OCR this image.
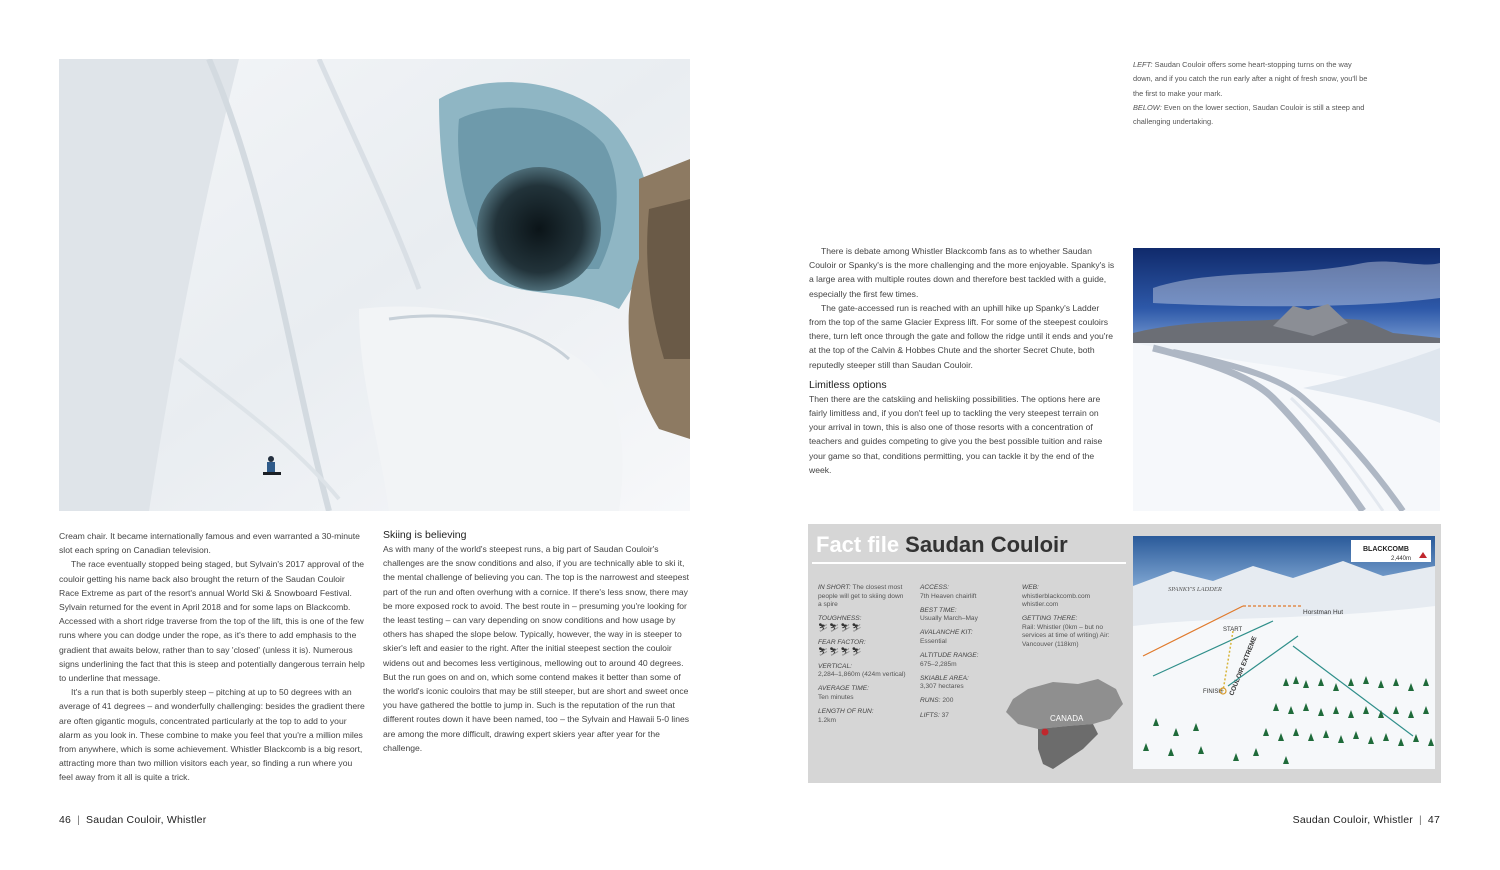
LEFT: Saudan Couloir offers some heart-stopping turns on the way down, and if you catch the run early after a night of fresh snow, you'll be the first to make your mark.

BELOW: Even on the lower section, Saudan Couloir is still a steep and challenging undertaking.

Cream chair. It became internationally famous and even warranted a 30-minute slot each spring on Canadian television.

The race eventually stopped being staged, but Sylvain's 2017 approval of the couloir getting his name back also brought the return of the Saudan Couloir Race Extreme as part of the resort's annual World Ski & Snowboard Festival. Sylvain returned for the event in April 2018 and for some laps on Blackcomb. Accessed with a short ridge traverse from the top of the lift, this is one of the few runs where you can dodge under the rope, as it's there to add emphasis to the gradient that awaits below, rather than to say 'closed' (unless it is). Numerous signs underlining the fact that this is steep and potentially dangerous terrain help to underline that message.

It's a run that is both superbly steep – pitching at up to 50 degrees with an average of 41 degrees – and wonderfully challenging: besides the gradient there are often gigantic moguls, concentrated particularly at the top to add to your alarm as you look in. These combine to make you feel that you're a million miles from anywhere, which is some achievement. Whistler Blackcomb is a big resort, attracting more than two million visitors each year, so finding a run where you feel away from it all is quite a trick.

Skiing is believing

As with many of the world's steepest runs, a big part of Saudan Couloir's challenges are the snow conditions and also, if you are technically able to ski it, the mental challenge of believing you can. The top is the narrowest and steepest part of the run and often overhung with a cornice. If there's less snow, there may be more exposed rock to avoid. The best route in – presuming you're looking for the least testing – can vary depending on snow conditions and how usage by others has shaped the slope below. Typically, however, the way in is steeper to skier's left and easier to the right. After the initial steepest section the couloir widens out and becomes less vertiginous, mellowing out to around 40 degrees. But the run goes on and on, which some contend makes it better than some of the world's iconic couloirs that may be still steeper, but are short and sweet once you have gathered the bottle to jump in. Such is the reputation of the run that different routes down it have been named, too – the Sylvain and Hawaii 5-0 lines are among the more difficult, drawing expert skiers year after year for the challenge.

There is debate among Whistler Blackcomb fans as to whether Saudan Couloir or Spanky's is the more challenging and the more enjoyable. Spanky's is a large area with multiple routes down and therefore best tackled with a guide, especially the first few times.

The gate-accessed run is reached with an uphill hike up Spanky's Ladder from the top of the same Glacier Express lift. For some of the steepest couloirs there, turn left once through the gate and follow the ridge until it ends and you're at the top of the Calvin & Hobbes Chute and the shorter Secret Chute, both reputedly steeper still than Saudan Couloir.

Limitless options

Then there are the catskiing and heliskiing possibilities. The options here are fairly limitless and, if you don't feel up to tackling the very steepest terrain on your arrival in town, this is also one of those resorts with a concentration of teachers and guides competing to give you the best possible tuition and raise your game so that, conditions permitting, you can tackle it by the end of the week.

Fact file Saudan Couloir
IN SHORT: The closest most people will get to skiing down a spire
TOUGHNESS:
⛷⛷⛷⛷
FEAR FACTOR: ⛷⛷⛷⛷
VERTICAL:
2,284–1,860m (424m vertical)
AVERAGE TIME:
Ten minutes
LENGTH OF RUN:
1.2km
ACCESS:
7th Heaven chairlift
BEST TIME:
Usually March–May
AVALANCHE KIT:
Essential
ALTITUDE RANGE:
675–2,285m
SKIABLE AREA:
3,307 hectares
RUNS: 200
LIFTS: 37
WEB:
whistlerblackcomb.com whistler.com
GETTING THERE:
Rail: Whistler (0km – but no services at time of writing) Air: Vancouver (118km)
CANADA
BLACKCOMB
2,440m
SPANKY'S LADDER
Horstman Hut
START
FINISH COULOIR EXTREME
46 | Saudan Couloir, Whistler	Saudan Couloir, Whistler | 47
